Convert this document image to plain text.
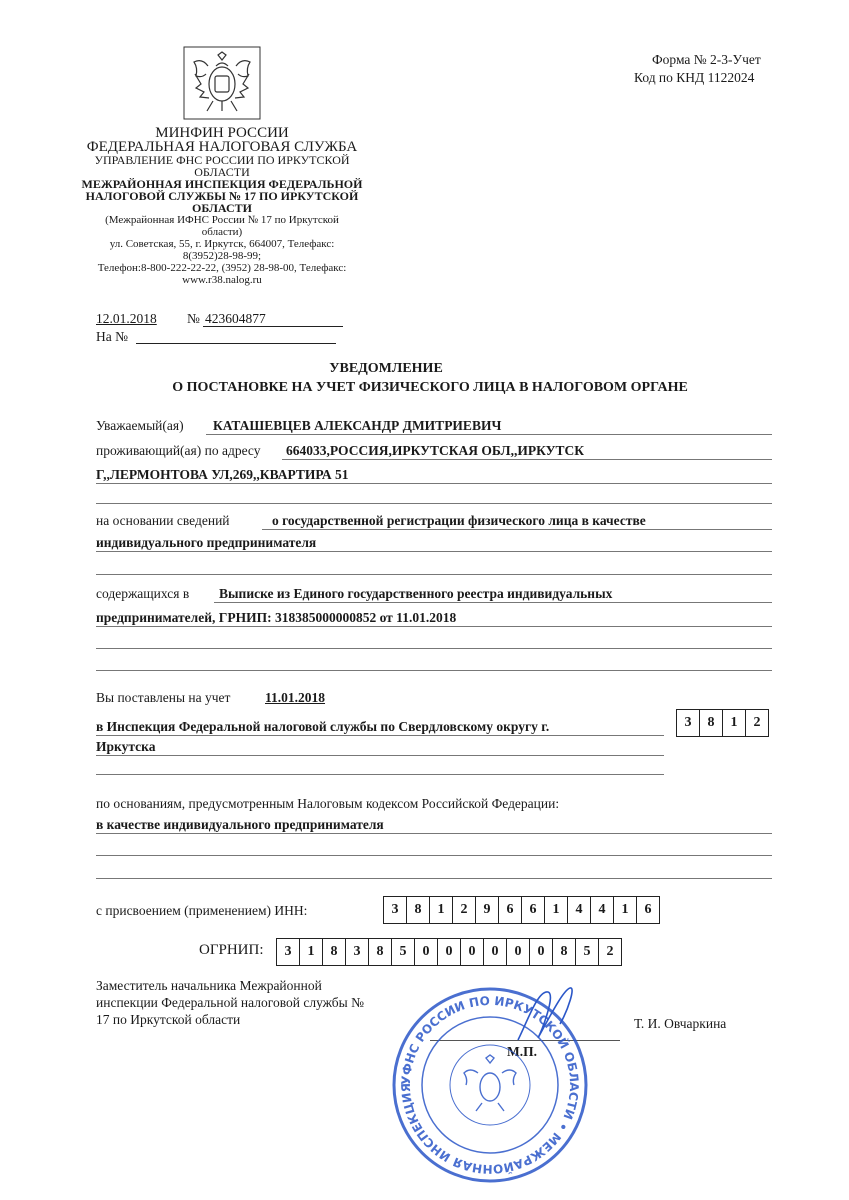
Форма № 2-3-Учет
Код по КНД 1122024
МИНФИН РОССИИ
ФЕДЕРАЛЬНАЯ НАЛОГОВАЯ СЛУЖБА
УПРАВЛЕНИЕ ФНС РОССИИ ПО ИРКУТСКОЙ
ОБЛАСТИ
МЕЖРАЙОННАЯ ИНСПЕКЦИЯ ФЕДЕРАЛЬНОЙ
НАЛОГОВОЙ СЛУЖБЫ № 17 ПО ИРКУТСКОЙ
ОБЛАСТИ
(Межрайонная ИФНС России № 17 по Иркутской
области)
ул. Советская, 55, г. Иркутск, 664007, Телефакс:
8(3952)28-98-99;
Телефон:8-800-222-22-22, (3952) 28-98-00, Телефакс:
www.r38.nalog.ru
12.01.2018 № 423604877
На №
УВЕДОМЛЕНИЕ
О ПОСТАНОВКЕ НА УЧЕТ ФИЗИЧЕСКОГО ЛИЦА В НАЛОГОВОМ ОРГАНЕ
Уважаемый(ая) КАТАШЕВЦЕВ АЛЕКСАНДР ДМИТРИЕВИЧ
проживающий(ая) по адресу 664033,РОССИЯ,ИРКУТСКАЯ ОБЛ,,ИРКУТСК
Г,,ЛЕРМОНТОВА УЛ,269,,КВАРТИРА 51
на основании сведений	о государственной регистрации физического лица в качестве
индивидуального предпринимателя
содержащихся в Выписке из Единого государственного реестра индивидуальных
предпринимателей, ГРНИП: 318385000000852 от 11.01.2018
Вы поставлены на учет	11.01.2018
в Инспекция Федеральной налоговой службы по Свердловскому округу г.
Иркутска
3	8	1	2
по основаниям, предусмотренным Налоговым кодексом Российской Федерации:
в качестве индивидуального предпринимателя
с присвоением (применением) ИНН:	3	8	1	2	9	6	6	1	4	4	1	6
ОГРНИП:	3	1	8	3	8	5	0	0	0	0	0	0	8	5	2
Заместитель начальника Межрайонной
инспекции Федеральной налоговой службы №
17 по Иркутской области	Т. И. Овчаркина
М.П.
УФНС РОССИИ ПО ИРКУТСКОЙ ОБЛАСТИ • МЕЖРАЙОННАЯ ИНСПЕКЦИЯ
